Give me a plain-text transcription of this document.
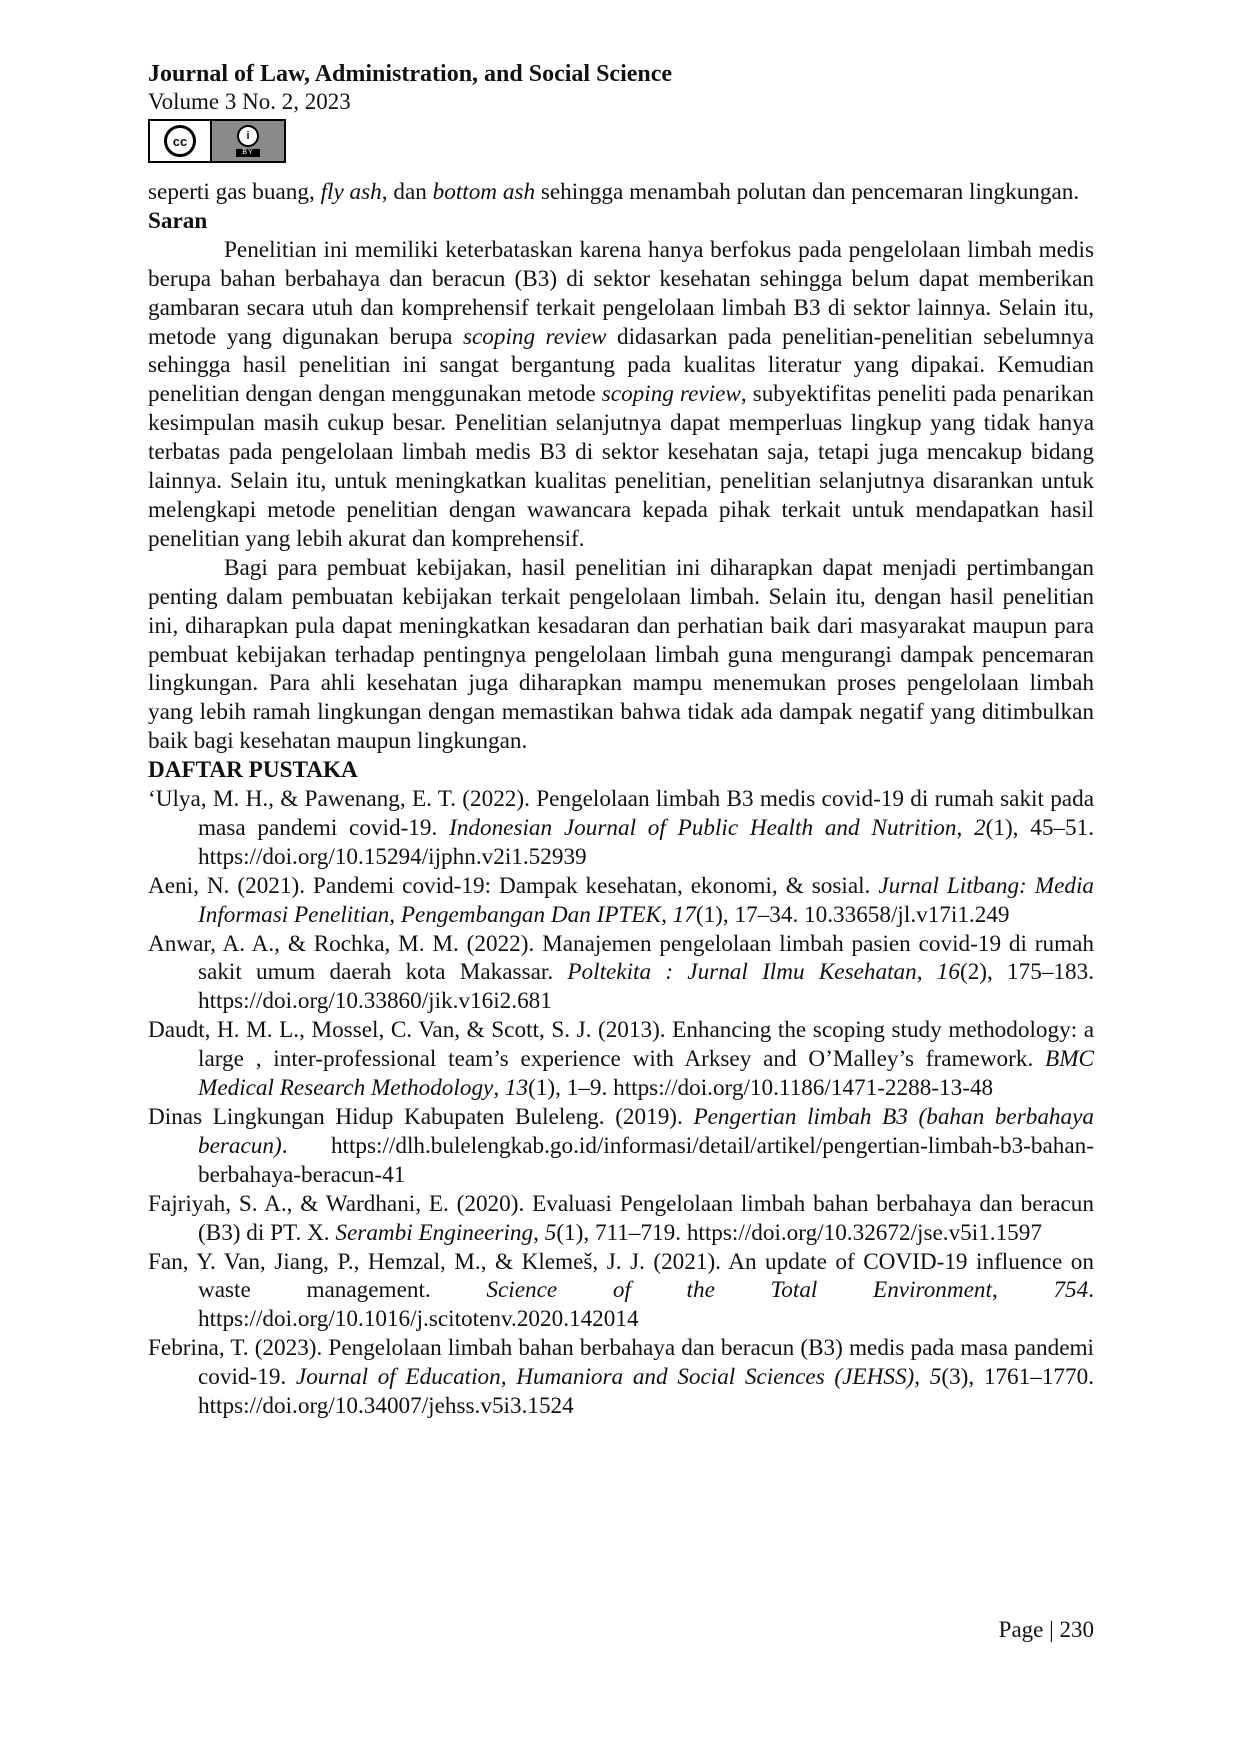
Journal of Law, Administration, and Social Science

Volume 3 No. 2, 2023

cc	i
BY

seperti gas buang, fly ash, dan bottom ash sehingga menambah polutan dan pencemaran lingkungan.

Saran

Penelitian ini memiliki keterbataskan karena hanya berfokus pada pengelolaan limbah medis berupa bahan berbahaya dan beracun (B3) di sektor kesehatan sehingga belum dapat memberikan gambaran secara utuh dan komprehensif terkait pengelolaan limbah B3 di sektor lainnya. Selain itu, metode yang digunakan berupa scoping review didasarkan pada penelitian-penelitian sebelumnya sehingga hasil penelitian ini sangat bergantung pada kualitas literatur yang dipakai. Kemudian penelitian dengan dengan menggunakan metode scoping review, subyektifitas peneliti pada penarikan kesimpulan masih cukup besar. Penelitian selanjutnya dapat memperluas lingkup yang tidak hanya terbatas pada pengelolaan limbah medis B3 di sektor kesehatan saja, tetapi juga mencakup bidang lainnya. Selain itu, untuk meningkatkan kualitas penelitian, penelitian selanjutnya disarankan untuk melengkapi metode penelitian dengan wawancara kepada pihak terkait untuk mendapatkan hasil penelitian yang lebih akurat dan komprehensif.

Bagi para pembuat kebijakan, hasil penelitian ini diharapkan dapat menjadi pertimbangan penting dalam pembuatan kebijakan terkait pengelolaan limbah. Selain itu, dengan hasil penelitian ini, diharapkan pula dapat meningkatkan kesadaran dan perhatian baik dari masyarakat maupun para pembuat kebijakan terhadap pentingnya pengelolaan limbah guna mengurangi dampak pencemaran lingkungan. Para ahli kesehatan juga diharapkan mampu menemukan proses pengelolaan limbah yang lebih ramah lingkungan dengan memastikan bahwa tidak ada dampak negatif yang ditimbulkan baik bagi kesehatan maupun lingkungan.

DAFTAR PUSTAKA

‘Ulya, M. H., & Pawenang, E. T. (2022). Pengelolaan limbah B3 medis covid-19 di rumah sakit pada masa pandemi covid-19. Indonesian Journal of Public Health and Nutrition, 2(1), 45–51. https://doi.org/10.15294/ijphn.v2i1.52939

Aeni, N. (2021). Pandemi covid-19: Dampak kesehatan, ekonomi, & sosial. Jurnal Litbang: Media Informasi Penelitian, Pengembangan Dan IPTEK, 17(1), 17–34. 10.33658/jl.v17i1.249

Anwar, A. A., & Rochka, M. M. (2022). Manajemen pengelolaan limbah pasien covid-19 di rumah sakit umum daerah kota Makassar. Poltekita : Jurnal Ilmu Kesehatan, 16(2), 175–183. https://doi.org/10.33860/jik.v16i2.681

Daudt, H. M. L., Mossel, C. Van, & Scott, S. J. (2013). Enhancing the scoping study methodology: a large , inter-professional team’s experience with Arksey and O’Malley’s framework. BMC Medical Research Methodology, 13(1), 1–9. https://doi.org/10.1186/1471-2288-13-48

Dinas Lingkungan Hidup Kabupaten Buleleng. (2019). Pengertian limbah B3 (bahan berbahaya beracun). https://dlh.bulelengkab.go.id/informasi/detail/artikel/pengertian-limbah-b3-bahan-berbahaya-beracun-41

Fajriyah, S. A., & Wardhani, E. (2020). Evaluasi Pengelolaan limbah bahan berbahaya dan beracun (B3) di PT. X. Serambi Engineering, 5(1), 711–719. https://doi.org/10.32672/jse.v5i1.1597

Fan, Y. Van, Jiang, P., Hemzal, M., & Klemeš, J. J. (2021). An update of COVID-19 influence on waste management. Science of the Total Environment, 754. https://doi.org/10.1016/j.scitotenv.2020.142014

Febrina, T. (2023). Pengelolaan limbah bahan berbahaya dan beracun (B3) medis pada masa pandemi covid-19. Journal of Education, Humaniora and Social Sciences (JEHSS), 5(3), 1761–1770. https://doi.org/10.34007/jehss.v5i3.1524

Page | 230
